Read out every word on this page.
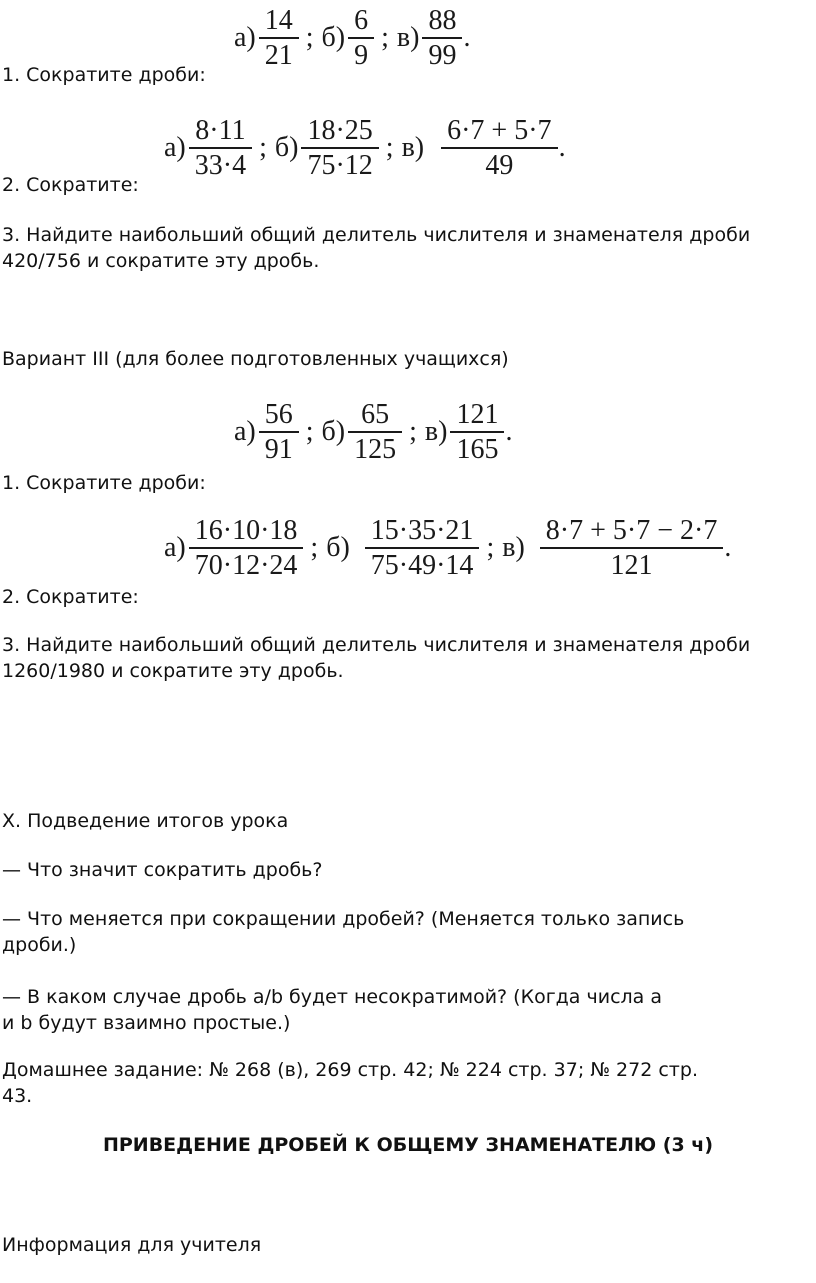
$а) \frac{14}{21}$ ; $б) \frac{6}{9}$ ; $в) \frac{88}{99}$ .

1. Сократите дроби:

$а) \frac{8\cdot 11}{33\cdot 4}$ ; $б) \frac{18\cdot 25}{75\cdot 12}$ ; $в) \frac{6\cdot 7 + 5\cdot 7}{49}$ .

2. Сократите:

3. Найдите наибольший общий делитель числителя и знаменателя дроби

420/756 и сократите эту дробь.

Вариант III (для более подготовленных учащихся)

$а) \frac{56}{91}$ ; $б) \frac{65}{125}$ ; $в) \frac{121}{165}$ .

1. Сократите дроби:

$а) \frac{16\cdot 10\cdot 18}{70\cdot 12\cdot 24}$ ; $б) \frac{15\cdot 35\cdot 21}{75\cdot 49\cdot 14}$ ; $в) \frac{8\cdot 7 + 5\cdot 7 - 2\cdot 7}{121}$ .

2. Сократите:

3. Найдите наибольший общий делитель числителя и знаменателя дроби

1260/1980 и сократите эту дробь.

X. Подведение итогов урока

— Что значит сократить дробь?

— Что меняется при сокращении дробей? (Меняется только запись

дроби.)

— В каком случае дробь a/b будет несократимой? (Когда числа a

и b будут взаимно простые.)

Домашнее задание: № 268 (в), 269 стр. 42; № 224 стр. 37; № 272 стр.

43.

ПРИВЕДЕНИЕ ДРОБЕЙ К ОБЩЕМУ ЗНАМЕНАТЕЛЮ (3 ч)

Информация для учителя
